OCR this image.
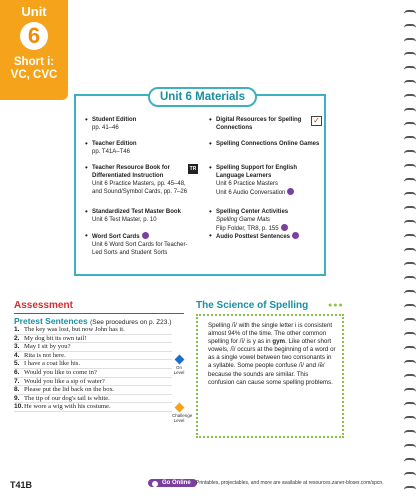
Unit
6
Short i:
VC, CVC
Unit 6 Materials
• Student Edition
pp. 41–46
• Teacher Edition
pp. T41A–T46
• TR
Teacher Resource Book for Differentiated Instruction
Unit 6 Practice Masters, pp. 45–48,
and Sound/Symbol Cards, pp. 7–26
• Standardized Test Master Book
Unit 6 Test Master, p. 10
• Word Sort Cards
Unit 6 Word Sort Cards for Teacher-
Led Sorts and Student Sorts
• ✓
Digital Resources for Spelling Connections
• Spelling Connections Online Games
• Spelling Support for English Language Learners
Unit 6 Practice Masters
Unit 6 Audio Conversation
• Spelling Center Activities
Spelling Game Mats
Flip Folder, TR8, p. 155
• Audio Posttest Sentences
Assessment
Pretest Sentences (See procedures on p. Z23.)
1. The key was lost, but now John has it.
2. My dog bit its own tail!
3. May I sit by you?
4. Rita is not here.
5. I have a coat like his.
6. Would you like to come in?
7. Would you like a sip of water?
8. Please put the lid back on the box.
9. The tip of our dog's tail is white.
10.He wore a wig with his costume.
On Level
Challenge Level
The Science of Spelling	●●●
Spelling /ĭ/ with the single letter i is consistent almost 94% of the time. The other common spelling for /ĭ/ is y as in gym. Like other short vowels, /ĭ/ occurs at the beginning of a word or as a single vowel between two consonants in a syllable. Some people confuse /ĭ/ and /ĕ/ because the sounds are similar. This confusion can cause some spelling problems.
T41B	Go Online	Printables, projectables, and more are available at resources.zaner-bloser.com/spcn.
